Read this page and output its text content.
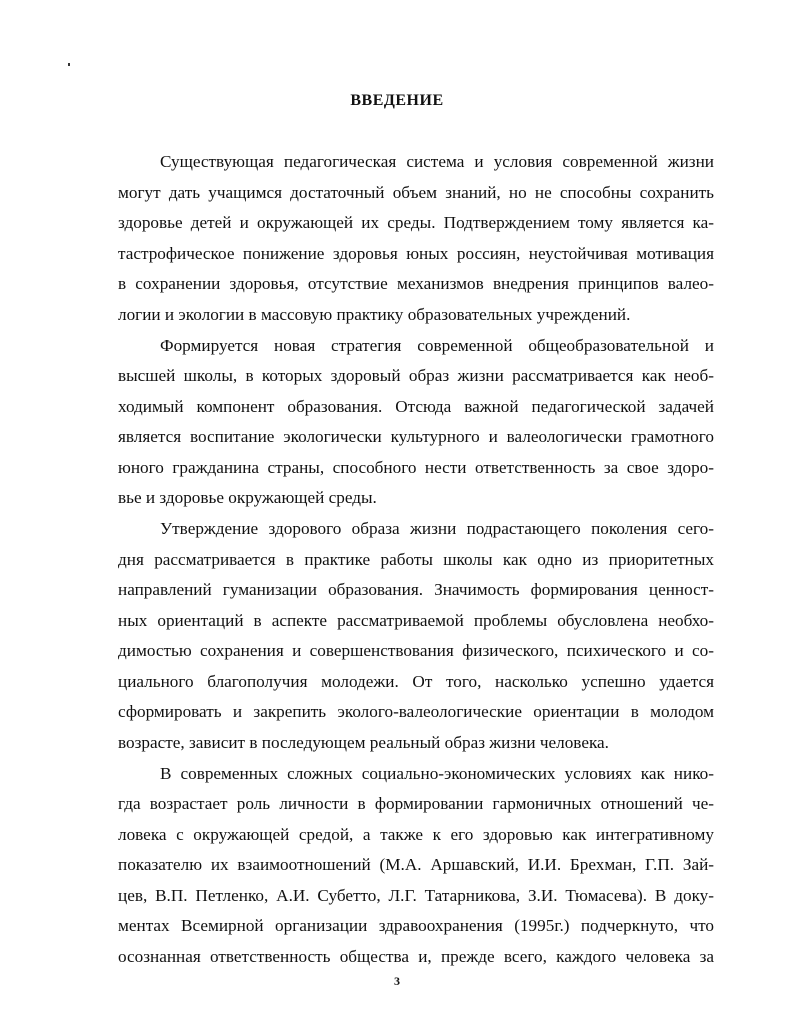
ВВЕДЕНИЕ
Существующая педагогическая система и условия современной жизни
могут дать учащимся достаточный объем знаний, но не способны сохранить
здоровье детей и окружающей их среды. Подтверждением тому является ка-
тастрофическое понижение здоровья юных россиян, неустойчивая мотивация
в сохранении здоровья, отсутствие механизмов внедрения принципов валео-
логии и экологии в массовую практику образовательных учреждений.
Формируется новая стратегия современной общеобразовательной и
высшей школы, в которых здоровый образ жизни рассматривается как необ-
ходимый компонент образования. Отсюда важной педагогической задачей
является воспитание экологически культурного и валеологически грамотного
юного гражданина страны, способного нести ответственность за свое здоро-
вье и здоровье окружающей среды.
Утверждение здорового образа жизни подрастающего поколения сего-
дня рассматривается в практике работы школы как одно из приоритетных
направлений гуманизации образования. Значимость формирования ценност-
ных ориентаций в аспекте рассматриваемой проблемы обусловлена необхо-
димостью сохранения и совершенствования физического, психического и со-
циального благополучия молодежи. От того, насколько успешно удается
сформировать и закрепить эколого-валеологические ориентации в молодом
возрасте, зависит в последующем реальный образ жизни человека.
В современных сложных социально-экономических условиях как нико-
гда возрастает роль личности в формировании гармоничных отношений че-
ловека с окружающей средой, а также к его здоровью как интегративному
показателю их взаимоотношений (М.А. Аршавский, И.И. Брехман, Г.П. Зай-
цев, В.П. Петленко, А.И. Субетто, Л.Г. Татарникова, З.И. Тюмасева). В доку-
ментах Всемирной организации здравоохранения (1995г.) подчеркнуто, что
осознанная ответственность общества и, прежде всего, каждого человека за
3
